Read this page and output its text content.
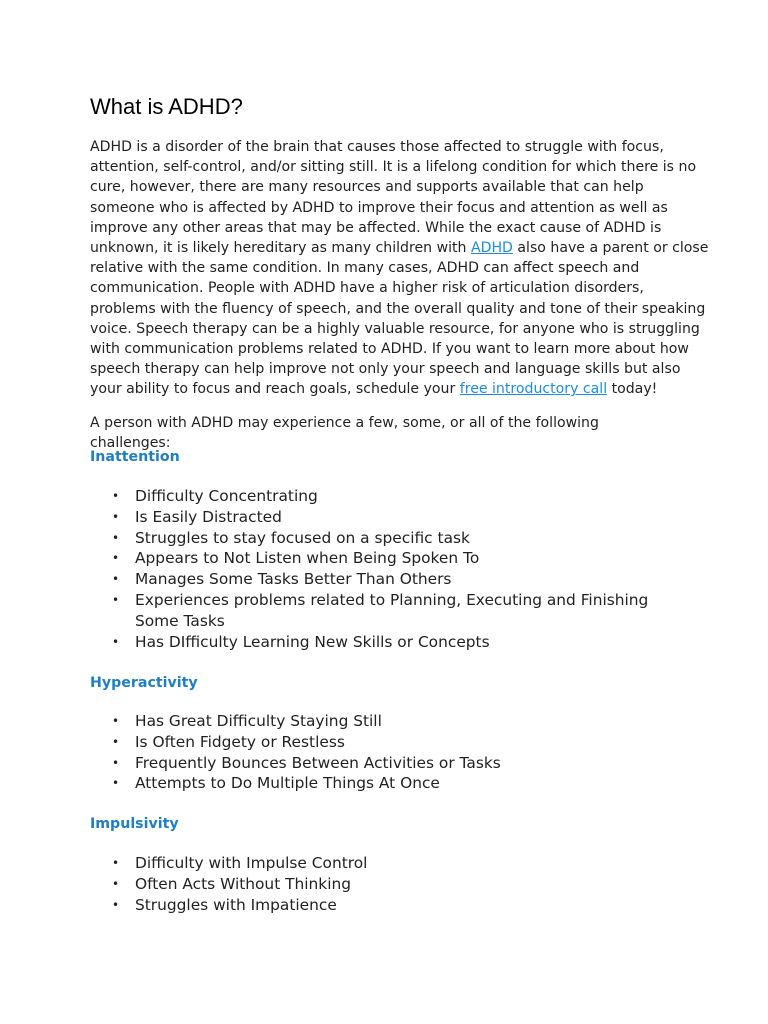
What is ADHD?

ADHD is a disorder of the brain that causes those affected to struggle with focus,
attention, self-control, and/or sitting still. It is a lifelong condition for which there is no
cure, however, there are many resources and supports available that can help
someone who is affected by ADHD to improve their focus and attention as well as
improve any other areas that may be affected. While the exact cause of ADHD is
unknown, it is likely hereditary as many children with ADHD also have a parent or close
relative with the same condition. In many cases, ADHD can affect speech and
communication. People with ADHD have a higher risk of articulation disorders,
problems with the fluency of speech, and the overall quality and tone of their speaking
voice. Speech therapy can be a highly valuable resource, for anyone who is struggling
with communication problems related to ADHD. If you want to learn more about how
speech therapy can help improve not only your speech and language skills but also
your ability to focus and reach goals, schedule your free introductory call today!

A person with ADHD may experience a few, some, or all of the following challenges:

Inattention
• Difficulty Concentrating
• Is Easily Distracted
• Struggles to stay focused on a specific task
• Appears to Not Listen when Being Spoken To
• Manages Some Tasks Better Than Others
• Experiences problems related to Planning, Executing and Finishing Some Tasks
• Has DIfficulty Learning New Skills or Concepts
Hyperactivity
• Has Great Difficulty Staying Still
• Is Often Fidgety or Restless
• Frequently Bounces Between Activities or Tasks
• Attempts to Do Multiple Things At Once
Impulsivity
• Difficulty with Impulse Control
• Often Acts Without Thinking
• Struggles with Impatience
